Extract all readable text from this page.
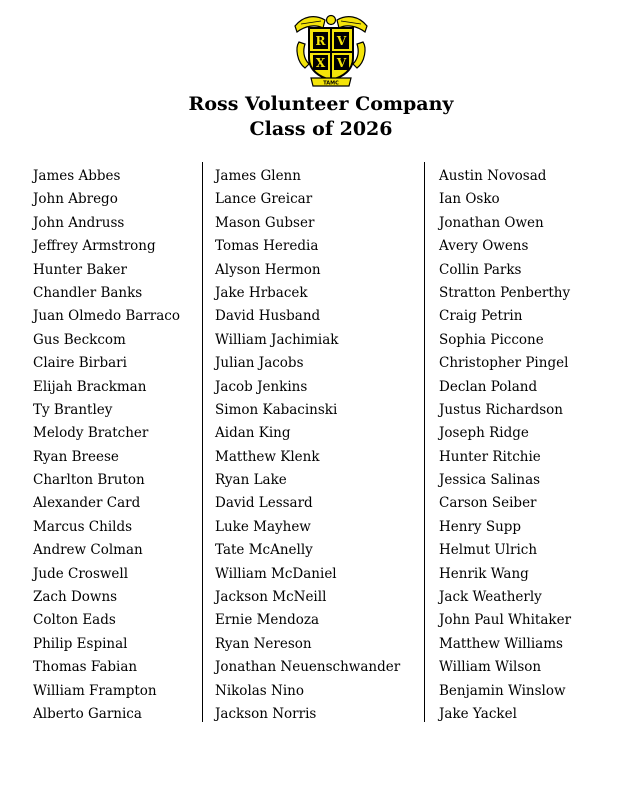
R V
X V
TAMC
Ross Volunteer Company
Class of 2026
James Abbes
John Abrego
John Andruss
Jeffrey Armstrong
Hunter Baker
Chandler Banks
Juan Olmedo Barraco
Gus Beckcom
Claire Birbari
Elijah Brackman
Ty Brantley
Melody Bratcher
Ryan Breese
Charlton Bruton
Alexander Card
Marcus Childs
Andrew Colman
Jude Croswell
Zach Downs
Colton Eads
Philip Espinal
Thomas Fabian
William Frampton
Alberto Garnica
James Glenn
Lance Greicar
Mason Gubser
Tomas Heredia
Alyson Hermon
Jake Hrbacek
David Husband
William Jachimiak
Julian Jacobs
Jacob Jenkins
Simon Kabacinski
Aidan King
Matthew Klenk
Ryan Lake
David Lessard
Luke Mayhew
Tate McAnelly
William McDaniel
Jackson McNeill
Ernie Mendoza
Ryan Nereson
Jonathan Neuenschwander
Nikolas Nino
Jackson Norris
Austin Novosad
Ian Osko
Jonathan Owen
Avery Owens
Collin Parks
Stratton Penberthy
Craig Petrin
Sophia Piccone
Christopher Pingel
Declan Poland
Justus Richardson
Joseph Ridge
Hunter Ritchie
Jessica Salinas
Carson Seiber
Henry Supp
Helmut Ulrich
Henrik Wang
Jack Weatherly
John Paul Whitaker
Matthew Williams
William Wilson
Benjamin Winslow
Jake Yackel
